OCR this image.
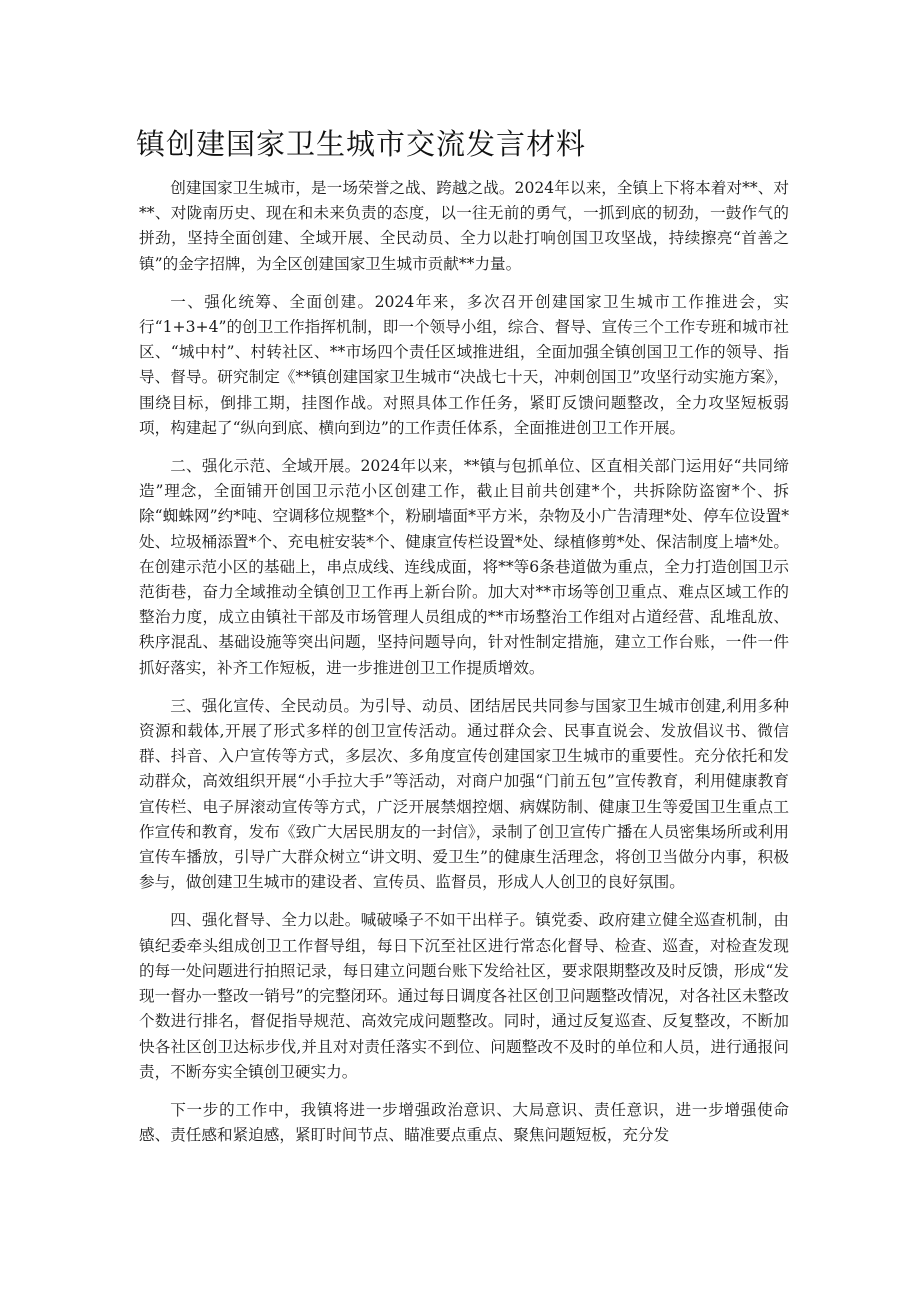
镇创建国家卫生城市交流发言材料

创建国家卫生城市，是一场荣誉之战、跨越之战。2024年以来，全镇上下将本着对**、对**、对陇南历史、现在和未来负责的态度，以一往无前的勇气，一抓到底的韧劲，一鼓作气的拼劲，坚持全面创建、全域开展、全民动员、全力以赴打响创国卫攻坚战，持续擦亮“首善之镇”的金字招牌，为全区创建国家卫生城市贡献**力量。

一、强化统筹、全面创建。2024年来，多次召开创建国家卫生城市工作推进会，实行“1+3+4”的创卫工作指挥机制，即一个领导小组，综合、督导、宣传三个工作专班和城市社区、“城中村”、村转社区、**市场四个责任区域推进组，全面加强全镇创国卫工作的领导、指导、督导。研究制定《**镇创建国家卫生城市“决战七十天，冲刺创国卫”攻坚行动实施方案》，围绕目标，倒排工期，挂图作战。对照具体工作任务，紧盯反馈问题整改，全力攻坚短板弱项，构建起了“纵向到底、横向到边”的工作责任体系，全面推进创卫工作开展。

二、强化示范、全域开展。2024年以来，**镇与包抓单位、区直相关部门运用好“共同缔造”理念，全面铺开创国卫示范小区创建工作，截止目前共创建*个，共拆除防盗窗*个、拆除“蜘蛛网”约*吨、空调移位规整*个，粉刷墙面*平方米，杂物及小广告清理*处、停车位设置*处、垃圾桶添置*个、充电桩安装*个、健康宣传栏设置*处、绿植修剪*处、保洁制度上墙*处。在创建示范小区的基础上，串点成线、连线成面，将**等6条巷道做为重点，全力打造创国卫示范街巷，奋力全域推动全镇创卫工作再上新台阶。加大对**市场等创卫重点、难点区域工作的整治力度，成立由镇社干部及市场管理人员组成的**市场整治工作组对占道经营、乱堆乱放、秩序混乱、基础设施等突出问题，坚持问题导向，针对性制定措施，建立工作台账，一件一件抓好落实，补齐工作短板，进一步推进创卫工作提质增效。

三、强化宣传、全民动员。为引导、动员、团结居民共同参与国家卫生城市创建,利用多种资源和载体,开展了形式多样的创卫宣传活动。通过群众会、民事直说会、发放倡议书、微信群、抖音、入户宣传等方式，多层次、多角度宣传创建国家卫生城市的重要性。充分依托和发动群众，高效组织开展“小手拉大手”等活动，对商户加强“门前五包”宣传教育，利用健康教育宣传栏、电子屏滚动宣传等方式，广泛开展禁烟控烟、病媒防制、健康卫生等爱国卫生重点工作宣传和教育，发布《致广大居民朋友的一封信》，录制了创卫宣传广播在人员密集场所或利用宣传车播放，引导广大群众树立“讲文明、爱卫生”的健康生活理念，将创卫当做分内事，积极参与，做创建卫生城市的建设者、宣传员、监督员，形成人人创卫的良好氛围。

四、强化督导、全力以赴。喊破嗓子不如干出样子。镇党委、政府建立健全巡查机制，由镇纪委牵头组成创卫工作督导组，每日下沉至社区进行常态化督导、检查、巡查，对检查发现的每一处问题进行拍照记录，每日建立问题台账下发给社区，要求限期整改及时反馈，形成“发现一督办一整改一销号”的完整闭环。通过每日调度各社区创卫问题整改情况，对各社区未整改个数进行排名，督促指导规范、高效完成问题整改。同时，通过反复巡查、反复整改，不断加快各社区创卫达标步伐,并且对对责任落实不到位、问题整改不及时的单位和人员，进行通报问责，不断夯实全镇创卫硬实力。

下一步的工作中，我镇将进一步增强政治意识、大局意识、责任意识，进一步增强使命感、责任感和紧迫感，紧盯时间节点、瞄准要点重点、聚焦问题短板，充分发
